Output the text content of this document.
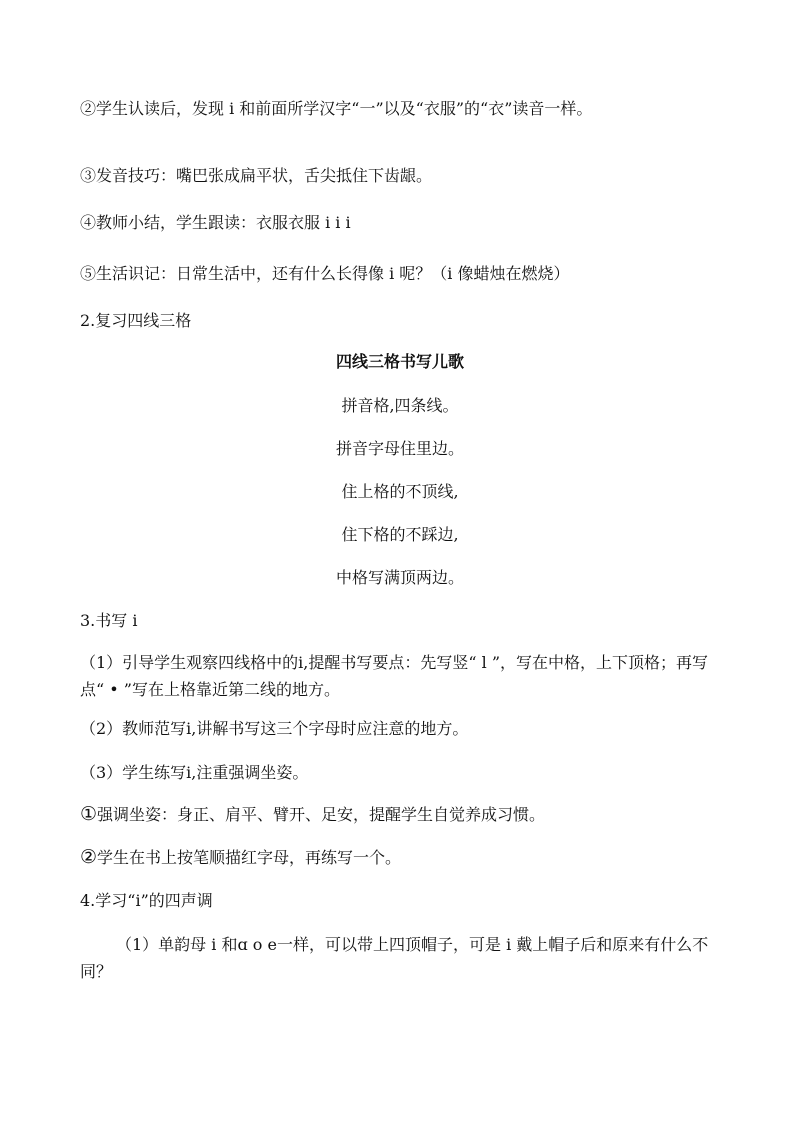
②学生认读后，发现 i 和前面所学汉字“一”以及“衣服”的“衣”读音一样。
③发音技巧：嘴巴张成扁平状，舌尖抵住下齿龈。
④教师小结，学生跟读：衣服衣服 i i i
⑤生活识记：日常生活中，还有什么长得像 i 呢？（i 像蜡烛在燃烧）
2.复习四线三格
四线三格书写儿歌
拼音格,四条线。
拼音字母住里边。
住上格的不顶线,
住下格的不踩边,
中格写满顶两边。
3.书写 i
（1）引导学生观察四线格中的i,提醒书写要点：先写竖“ l ”，写在中格，上下顶格；再写点“ • ”写在上格靠近第二线的地方。
（2）教师范写i,讲解书写这三个字母时应注意的地方。
（3）学生练写i,注重强调坐姿。
①强调坐姿：身正、肩平、臂开、足安，提醒学生自觉养成习惯。
②学生在书上按笔顺描红字母，再练写一个。
4.学习“i”的四声调
（1）单韵母 i 和ɑ o e一样，可以带上四顶帽子，可是 i 戴上帽子后和原来有什么不同？
